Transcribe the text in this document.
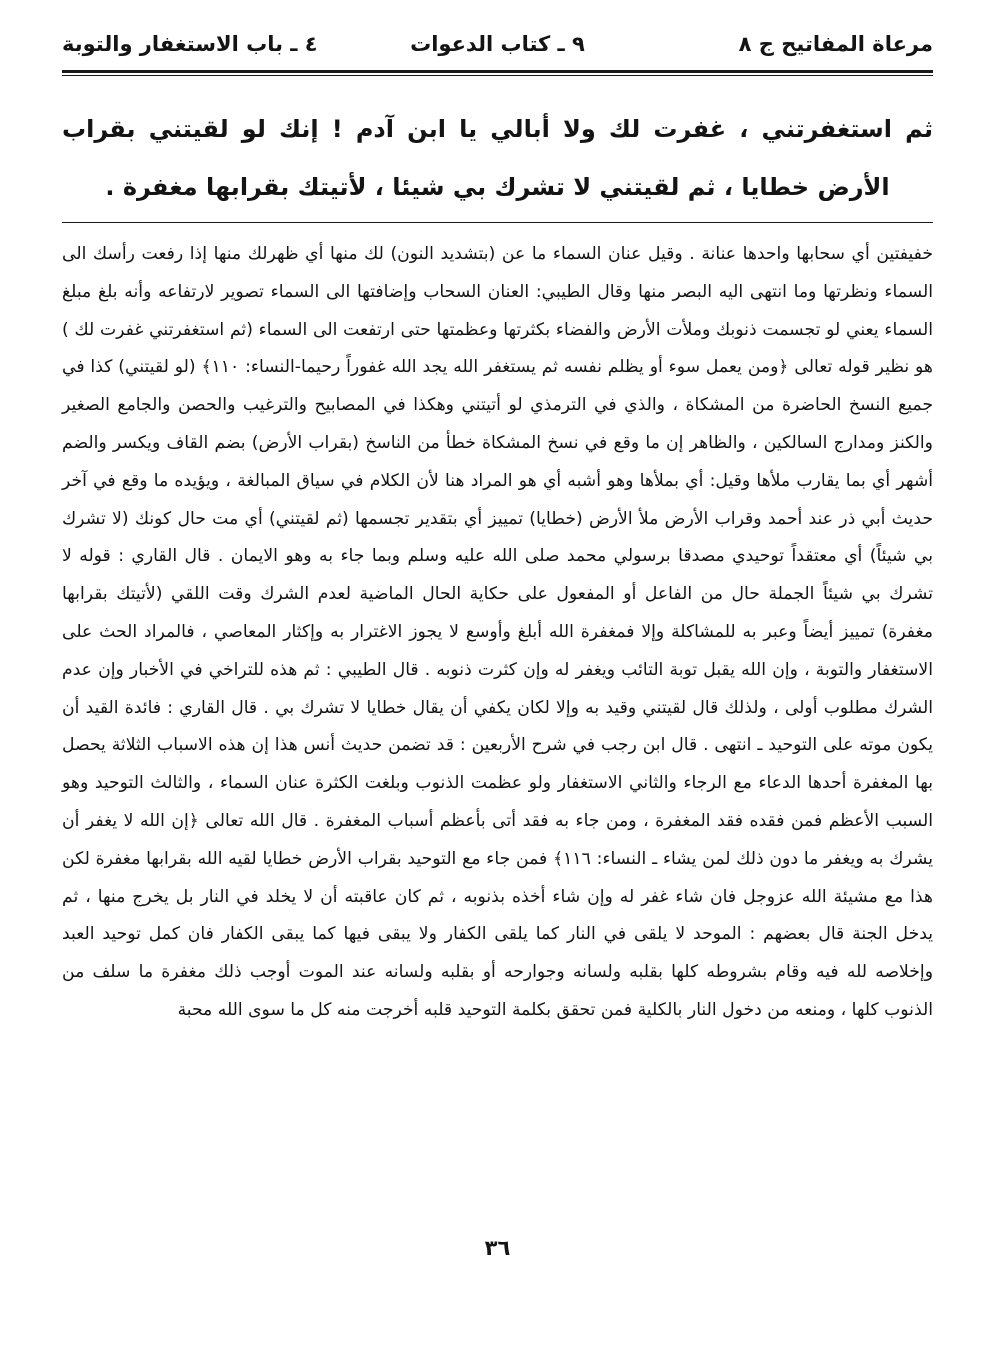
مرعاة المفاتيح ج ٨
٩ ـ كتاب الدعوات
٤ ـ باب الاستغفار والتوبة
ثم استغفرتني ، غفرت لك ولا أبالي يا ابن آدم ! إنك لو لقيتني بقراب الأرض خطايا ، ثم لقيتني لا تشرك بي شيئا ، لأتيتك بقرابها مغفرة .

خفيفتين أي سحابها واحدها عنانة . وقيل عنان السماء ما عن (بتشديد النون) لك منها أي ظهرلك منها إذا رفعت رأسك الى السماء ونظرتها وما انتهى اليه البصر منها وقال الطيبي: العنان السحاب وإضافتها الى السماء تصوير لارتفاعه وأنه بلغ مبلغ السماء يعني لو تجسمت ذنوبك وملأت الأرض والفضاء بكثرتها وعظمتها حتى ارتفعت الى السماء (ثم استغفرتني غفرت لك ) هو نظير قوله تعالى ﴿ومن يعمل سوء أو يظلم نفسه ثم يستغفر الله يجد الله غفوراً رحيما-النساء: ١١٠﴾ (لو لقيتني) كذا في جميع النسخ الحاضرة من المشكاة ، والذي في الترمذي لو أتيتني وهكذا في المصابيح والترغيب والحصن والجامع الصغير والكنز ومدارج السالكين ، والظاهر إن ما وقع في نسخ المشكاة خطأ من الناسخ (بقراب الأرض) بضم القاف ويكسر والضم أشهر أي بما يقارب ملأها وقيل: أي بملأها وهو أشبه أي هو المراد هنا لأن الكلام في سياق المبالغة ، ويؤيده ما وقع في آخر حديث أبي ذر عند أحمد وقراب الأرض ملأ الأرض (خطايا) تمييز أي بتقدير تجسمها (ثم لقيتني) أي مت حال كونك (لا تشرك بي شيئاً) أي معتقداً توحيدي مصدقا برسولي محمد صلى الله عليه وسلم وبما جاء به وهو الايمان . قال القاري : قوله لا تشرك بي شيئاً الجملة حال من الفاعل أو المفعول على حكاية الحال الماضية لعدم الشرك وقت اللقي (لأتيتك بقرابها مغفرة) تمييز أيضاً وعبر به للمشاكلة وإلا فمغفرة الله أبلغ وأوسع لا يجوز الاغترار به وإكثار المعاصي ، فالمراد الحث على الاستغفار والتوبة ، وإن الله يقبل توبة التائب ويغفر له وإن كثرت ذنوبه . قال الطيبي : ثم هذه للتراخي في الأخبار وإن عدم الشرك مطلوب أولى ، ولذلك قال لقيتني وقيد به وإلا لكان يكفي أن يقال خطايا لا تشرك بي . قال القاري : فائدة القيد أن يكون موته على التوحيد ـ انتهى . قال ابن رجب في شرح الأربعين : قد تضمن حديث أنس هذا إن هذه الاسباب الثلاثة يحصل بها المغفرة أحدها الدعاء مع الرجاء والثاني الاستغفار ولو عظمت الذنوب وبلغت الكثرة عنان السماء ، والثالث التوحيد وهو السبب الأعظم فمن فقده فقد المغفرة ، ومن جاء به فقد أتى بأعظم أسباب المغفرة . قال الله تعالى ﴿إن الله لا يغفر أن يشرك به ويغفر ما دون ذلك لمن يشاء ـ النساء: ١١٦﴾ فمن جاء مع التوحيد بقراب الأرض خطايا لقيه الله بقرابها مغفرة لكن هذا مع مشيئة الله عزوجل فان شاء غفر له وإن شاء أخذه بذنوبه ، ثم كان عاقبته أن لا يخلد في النار بل يخرج منها ، ثم يدخل الجنة قال بعضهم : الموحد لا يلقى في النار كما يلقى الكفار ولا يبقى فيها كما يبقى الكفار فان كمل توحيد العبد وإخلاصه لله فيه وقام بشروطه كلها بقلبه ولسانه وجوارحه أو بقلبه ولسانه عند الموت أوجب ذلك مغفرة ما سلف من الذنوب كلها ، ومنعه من دخول النار بالكلية فمن تحقق بكلمة التوحيد قلبه أخرجت منه كل ما سوى الله محبة

٣٦
